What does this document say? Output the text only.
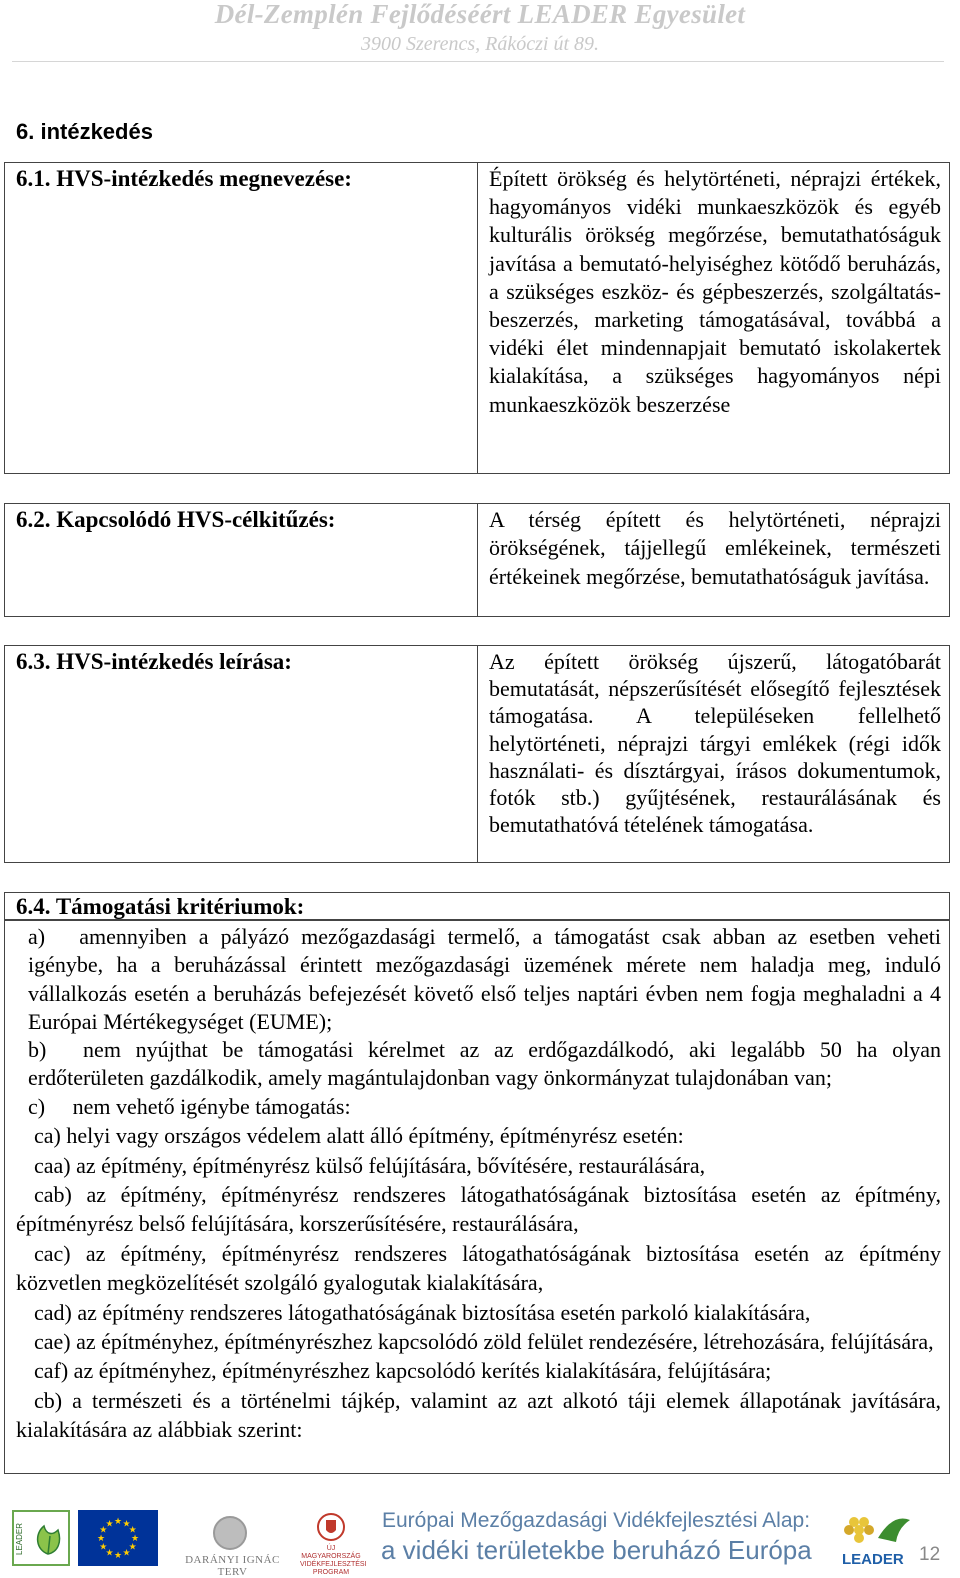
Dél-Zemplén Fejlődéséért LEADER Egyesület
3900 Szerencs, Rákóczi út 89.
6. intézkedés
6.1. HVS-intézkedés megnevezése:	Épített örökség és helytörténeti, néprajzi értékek, hagyományos vidéki munkaeszközök és egyéb kulturális örökség megőrzése, bemutathatóságuk javítása a bemutató-helyiséghez kötődő beruházás, a szükséges eszköz- és gépbeszerzés, szolgáltatás-beszerzés, marketing támogatásával, továbbá a vidéki élet mindennapjait bemutató iskolakertek kialakítása, a szükséges hagyományos népi munkaeszközök beszerzése
6.2. Kapcsolódó HVS-célkitűzés:	A térség épített és helytörténeti, néprajzi örökségének, tájjellegű emlékeinek, természeti értékeinek megőrzése, bemutathatóságuk javítása.
6.3. HVS-intézkedés leírása:	Az épített örökség újszerű, látogatóbarát bemutatását, népszerűsítését elősegítő fejlesztések támogatása. A településeken fellelhető helytörténeti, néprajzi tárgyi emlékek (régi idők használati- és dísztárgyai, írásos dokumentumok, fotók stb.) gyűjtésének, restaurálásának és bemutathatóvá tételének támogatása.
6.4. Támogatási kritériumok:

a)  amennyiben a pályázó mezőgazdasági termelő, a támogatást csak abban az esetben veheti igénybe, ha a beruházással érintett mezőgazdasági üzemének mérete nem haladja meg, induló vállalkozás esetén a beruházás befejezését követő első teljes naptári évben nem fogja meghaladni a 4 Európai Mértékegységet (EUME);

b)  nem nyújthat be támogatási kérelmet az az erdőgazdálkodó, aki legalább 50 ha olyan erdőterületen gazdálkodik, amely magántulajdonban vagy önkormányzat tulajdonában van;

c)  nem vehető igénybe támogatás:

ca) helyi vagy országos védelem alatt álló építmény, építményrész esetén:

caa) az építmény, építményrész külső felújítására, bővítésére, restaurálására,

cab) az építmény, építményrész rendszeres látogathatóságának biztosítása esetén az építmény, építményrész belső felújítására, korszerűsítésére, restaurálására,

cac) az építmény, építményrész rendszeres látogathatóságának biztosítása esetén az építmény közvetlen megközelítését szolgáló gyalogutak kialakítására,

cad) az építmény rendszeres látogathatóságának biztosítása esetén parkoló kialakítására,

cae) az építményhez, építményrészhez kapcsolódó zöld felület rendezésére, létrehozására, felújítására,

caf) az építményhez, építményrészhez kapcsolódó kerítés kialakítására, felújítására;

cb) a természeti és a történelmi tájkép, valamint az azt alkotó táji elemek állapotának javítására, kialakítására az alábbiak szerint:

LEADER
★ ★
★
★
★
★
★
★
★
★
★
★
DARÁNYI IGNÁC TERV
ÚJ MAGYARORSZÁG VIDÉKFEJLESZTÉSI PROGRAM
Európai Mezőgazdasági Vidékfejlesztési Alap:
a vidéki területekbe beruházó Európa	LEADER 12
